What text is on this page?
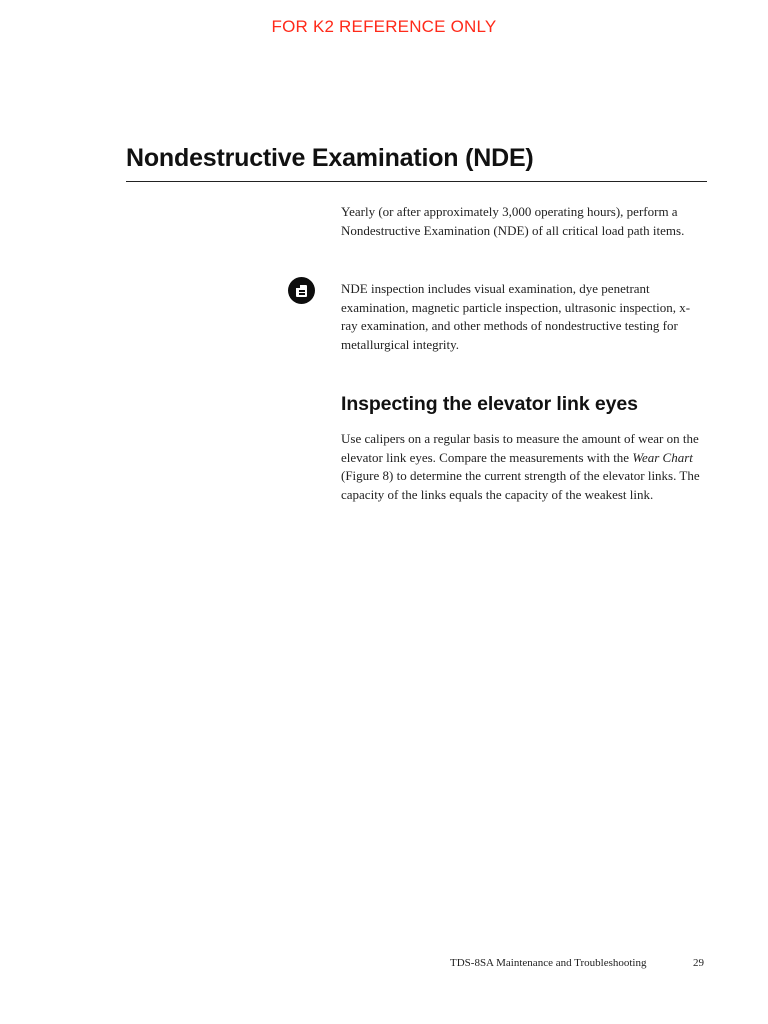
FOR K2 REFERENCE ONLY
Nondestructive Examination (NDE)

Yearly (or after approximately 3,000 operating hours), perform a Nondestructive Examination (NDE) of all critical load path items.

NDE inspection includes visual examination, dye penetrant examination, magnetic particle inspection, ultrasonic inspection, x-ray examination, and other methods of nondestructive testing for metallurgical integrity.

Inspecting the elevator link eyes

Use calipers on a regular basis to measure the amount of wear on the elevator link eyes. Compare the measurements with the Wear Chart (Figure 8) to determine the current strength of the elevator links. The capacity of the links equals the capacity of the weakest link.

TDS-8SA Maintenance and Troubleshooting	29
